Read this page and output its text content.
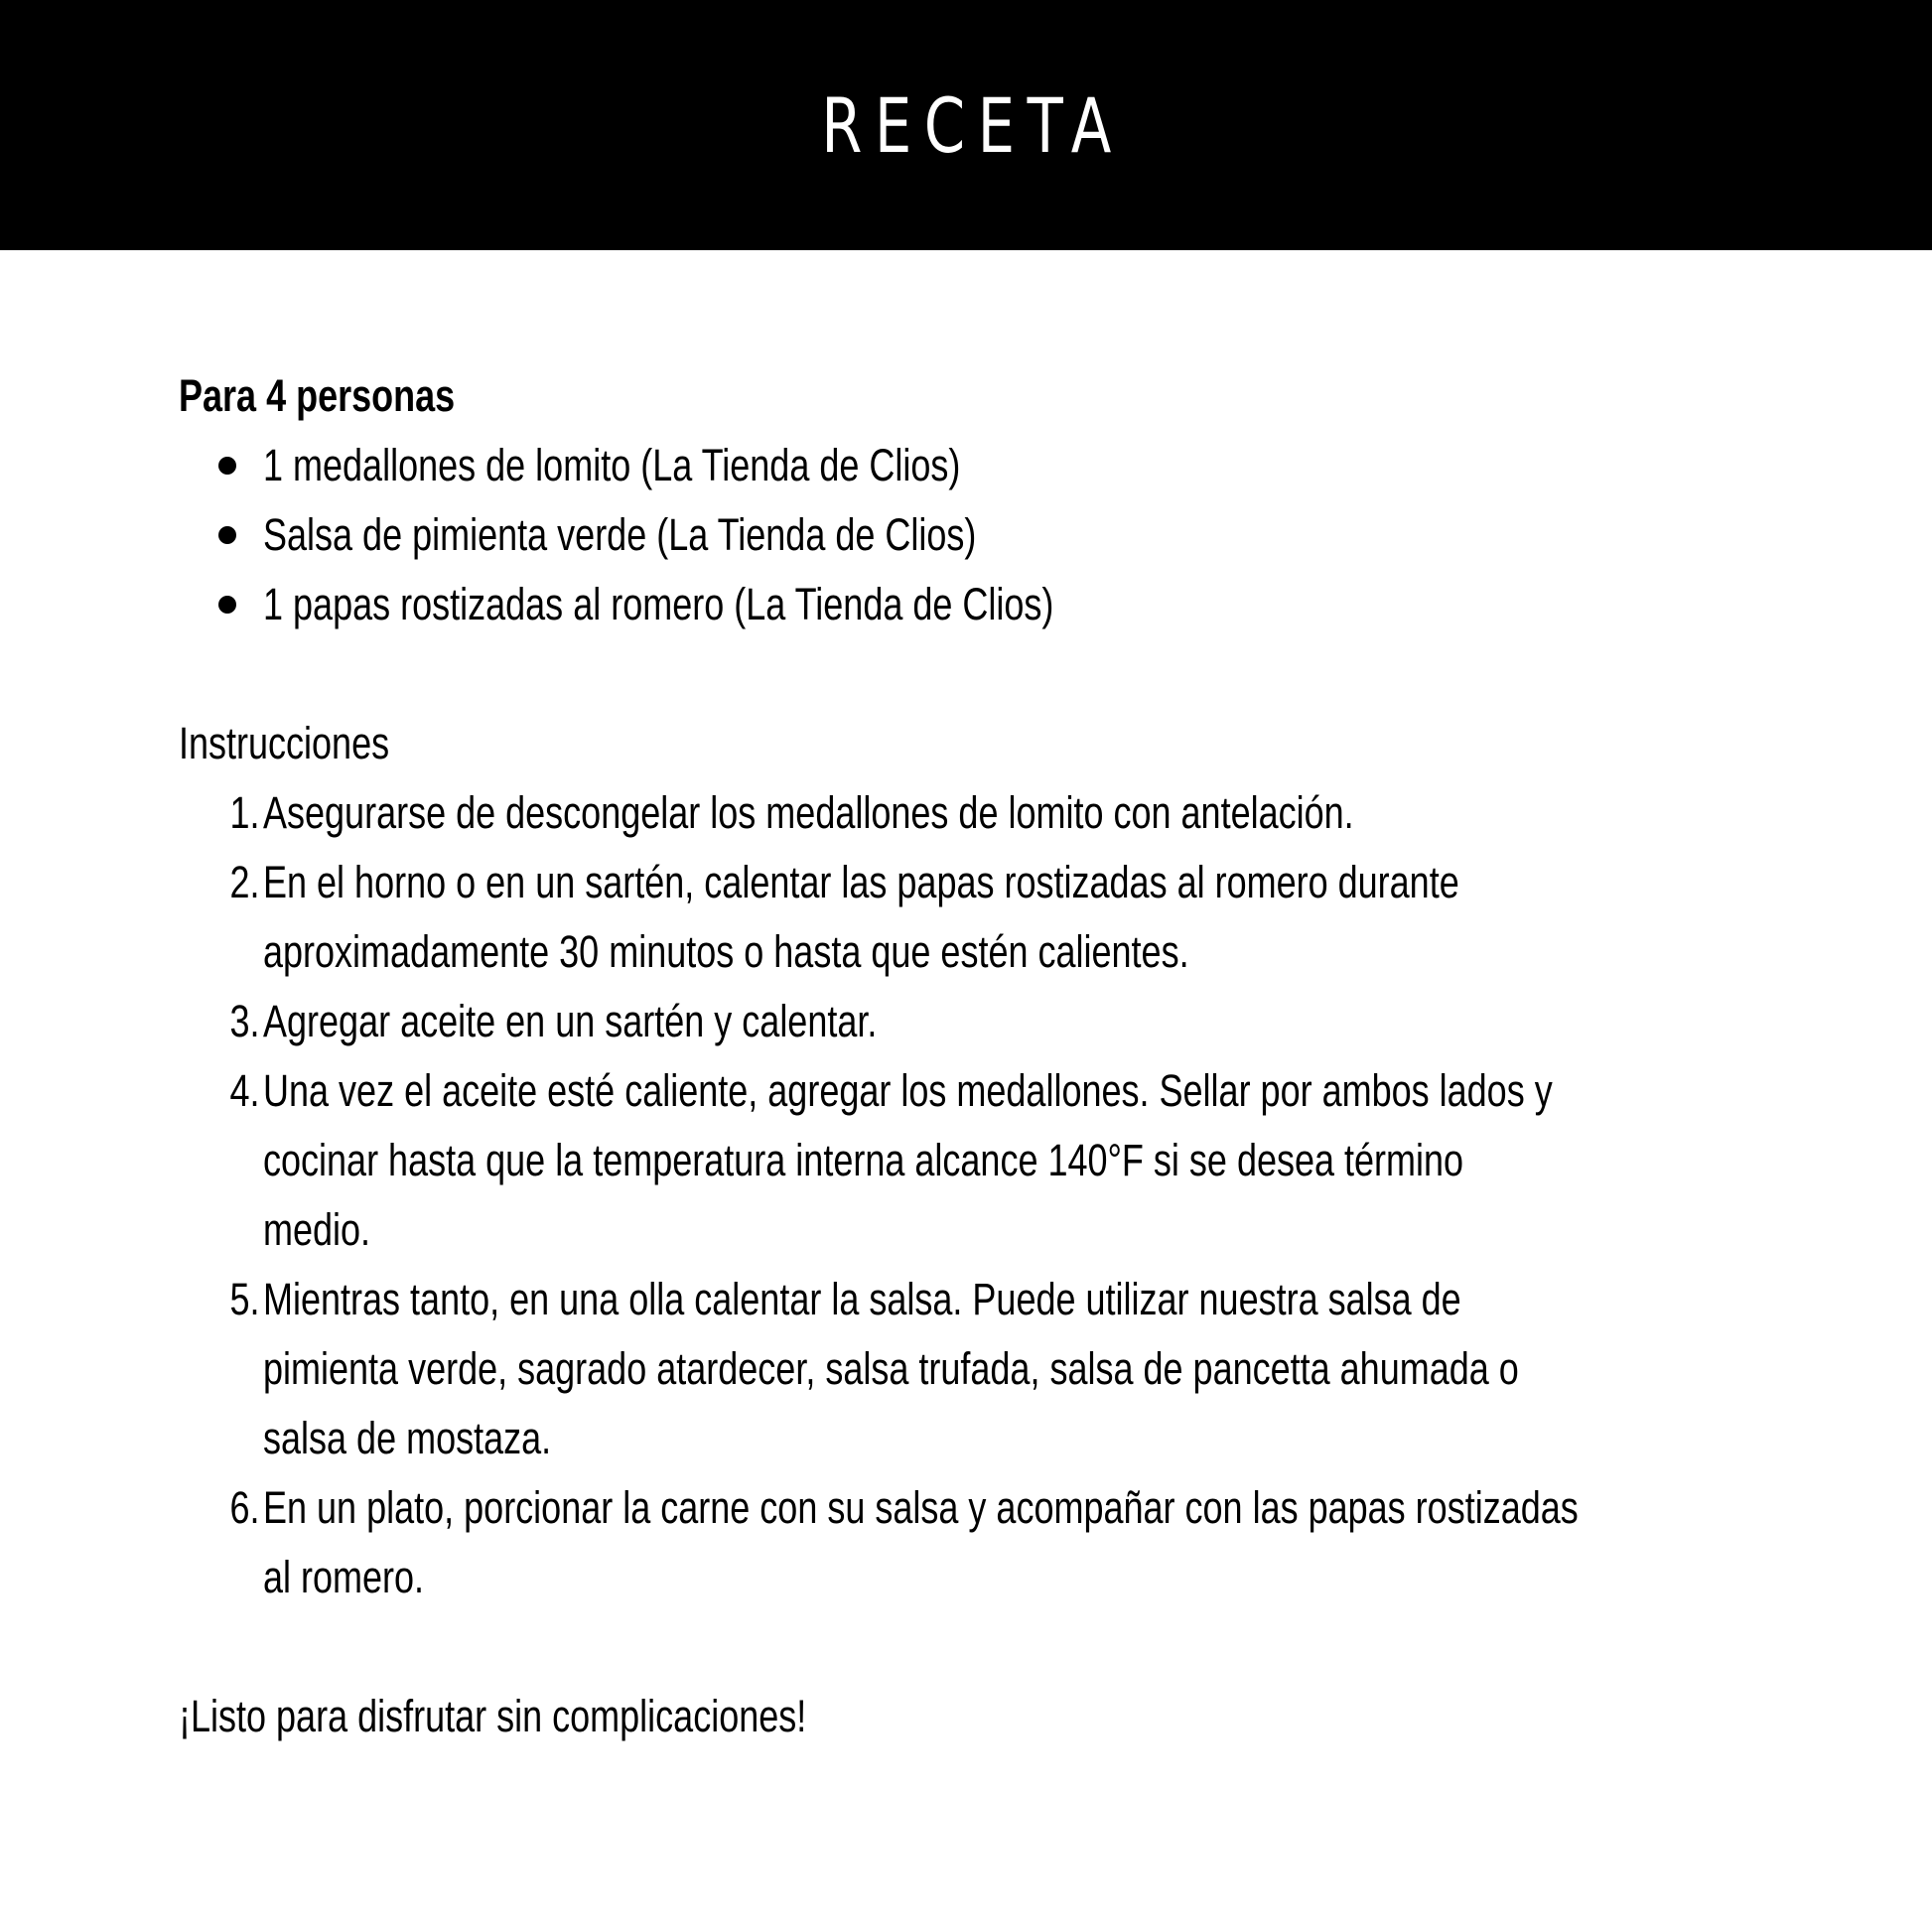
RECETA
Para 4 personas
1 medallones de lomito (La Tienda de Clios)
Salsa de pimienta verde (La Tienda de Clios)
1 papas rostizadas al romero (La Tienda de Clios)
Instrucciones
1. Asegurarse de descongelar los medallones de lomito con antelación.
2. En el horno o en un sartén, calentar las papas rostizadas al romero durante
aproximadamente 30 minutos o hasta que estén calientes.
3. Agregar aceite en un sartén y calentar.
4. Una vez el aceite esté caliente, agregar los medallones. Sellar por ambos lados y
cocinar hasta que la temperatura interna alcance 140°F si se desea término
medio.
5. Mientras tanto, en una olla calentar la salsa. Puede utilizar nuestra salsa de
pimienta verde, sagrado atardecer, salsa trufada, salsa de pancetta ahumada o
salsa de mostaza.
6. En un plato, porcionar la carne con su salsa y acompañar con las papas rostizadas
al romero.
¡Listo para disfrutar sin complicaciones!
